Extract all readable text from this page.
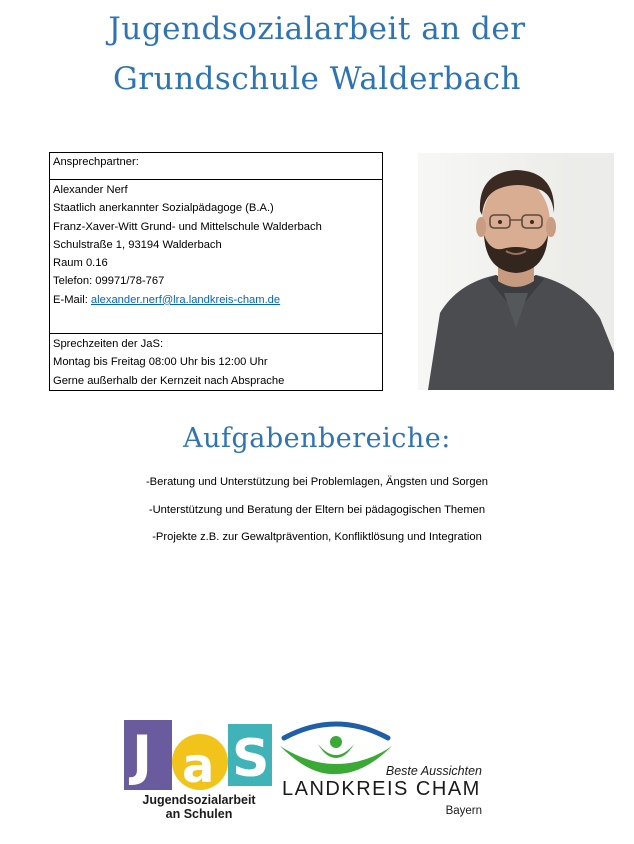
Jugendsozialarbeit an der
Grundschule Walderbach
Ansprechpartner:

Alexander Nerf
Staatlich anerkannter Sozialpädagoge (B.A.)
Franz-Xaver-Witt Grund- und Mittelschule Walderbach
Schulstraße 1, 93194 Walderbach
Raum 0.16
Telefon: 09971/78-767
E-Mail: alexander.nerf@lra.landkreis-cham.de

Sprechzeiten der JaS:
Montag bis Freitag 08:00 Uhr bis 12:00 Uhr
Gerne außerhalb der Kernzeit nach Absprache
Aufgabenbereiche:
-Beratung und Unterstützung bei Problemlagen, Ängsten und Sorgen
-Unterstützung und Beratung der Eltern bei pädagogischen Themen
-Projekte z.B. zur Gewaltprävention, Konfliktlösung und Integration
J a S
Jugendsozialarbeit
an Schulen
Beste Aussichten
LANDKREIS CHAM
Bayern
